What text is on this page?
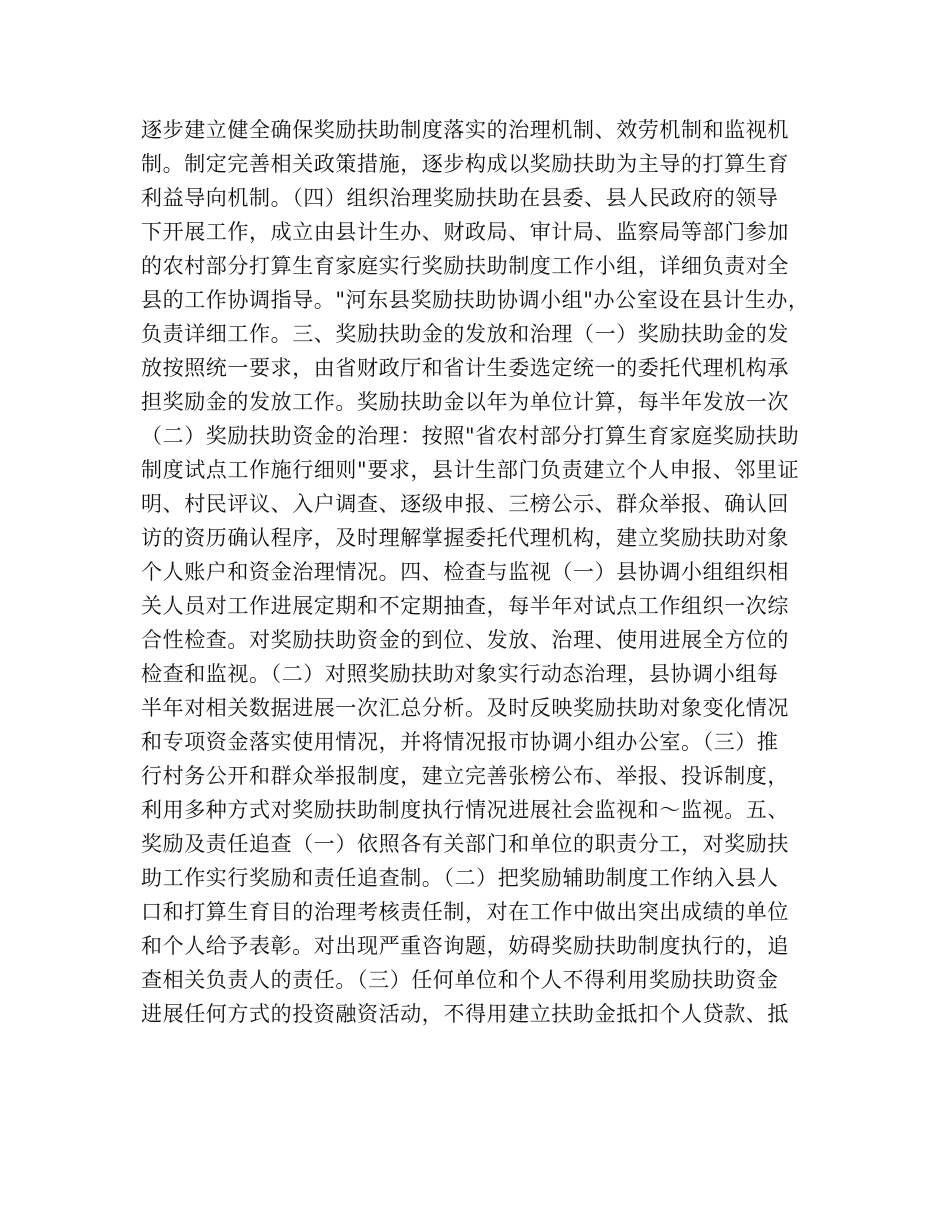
逐步建立健全确保奖励扶助制度落实的治理机制、效劳机制和监视机
制。制定完善相关政策措施，逐步构成以奖励扶助为主导的打算生育
利益导向机制。（四）组织治理奖励扶助在县委、县人民政府的领导
下开展工作，成立由县计生办、财政局、审计局、监察局等部门参加
的农村部分打算生育家庭实行奖励扶助制度工作小组，详细负责对全
县的工作协调指导。"河东县奖励扶助协调小组"办公室设在县计生办，
负责详细工作。三、奖励扶助金的发放和治理（一）奖励扶助金的发
放按照统一要求，由省财政厅和省计生委选定统一的委托代理机构承
担奖励金的发放工作。奖励扶助金以年为单位计算，每半年发放一次
（二）奖励扶助资金的治理：按照"省农村部分打算生育家庭奖励扶助
制度试点工作施行细则"要求，县计生部门负责建立个人申报、邻里证
明、村民评议、入户调查、逐级申报、三榜公示、群众举报、确认回
访的资历确认程序，及时理解掌握委托代理机构，建立奖励扶助对象
个人账户和资金治理情况。四、检查与监视（一）县协调小组组织相
关人员对工作进展定期和不定期抽查，每半年对试点工作组织一次综
合性检查。对奖励扶助资金的到位、发放、治理、使用进展全方位的
检查和监视。（二）对照奖励扶助对象实行动态治理，县协调小组每
半年对相关数据进展一次汇总分析。及时反映奖励扶助对象变化情况
和专项资金落实使用情况，并将情况报市协调小组办公室。（三）推
行村务公开和群众举报制度，建立完善张榜公布、举报、投诉制度，
利用多种方式对奖励扶助制度执行情况进展社会监视和～监视。五、
奖励及责任追查（一）依照各有关部门和单位的职责分工，对奖励扶
助工作实行奖励和责任追查制。（二）把奖励辅助制度工作纳入县人
口和打算生育目的治理考核责任制，对在工作中做出突出成绩的单位
和个人给予表彰。对出现严重咨询题，妨碍奖励扶助制度执行的，追
查相关负责人的责任。（三）任何单位和个人不得利用奖励扶助资金
进展任何方式的投资融资活动，不得用建立扶助金抵扣个人贷款、抵
